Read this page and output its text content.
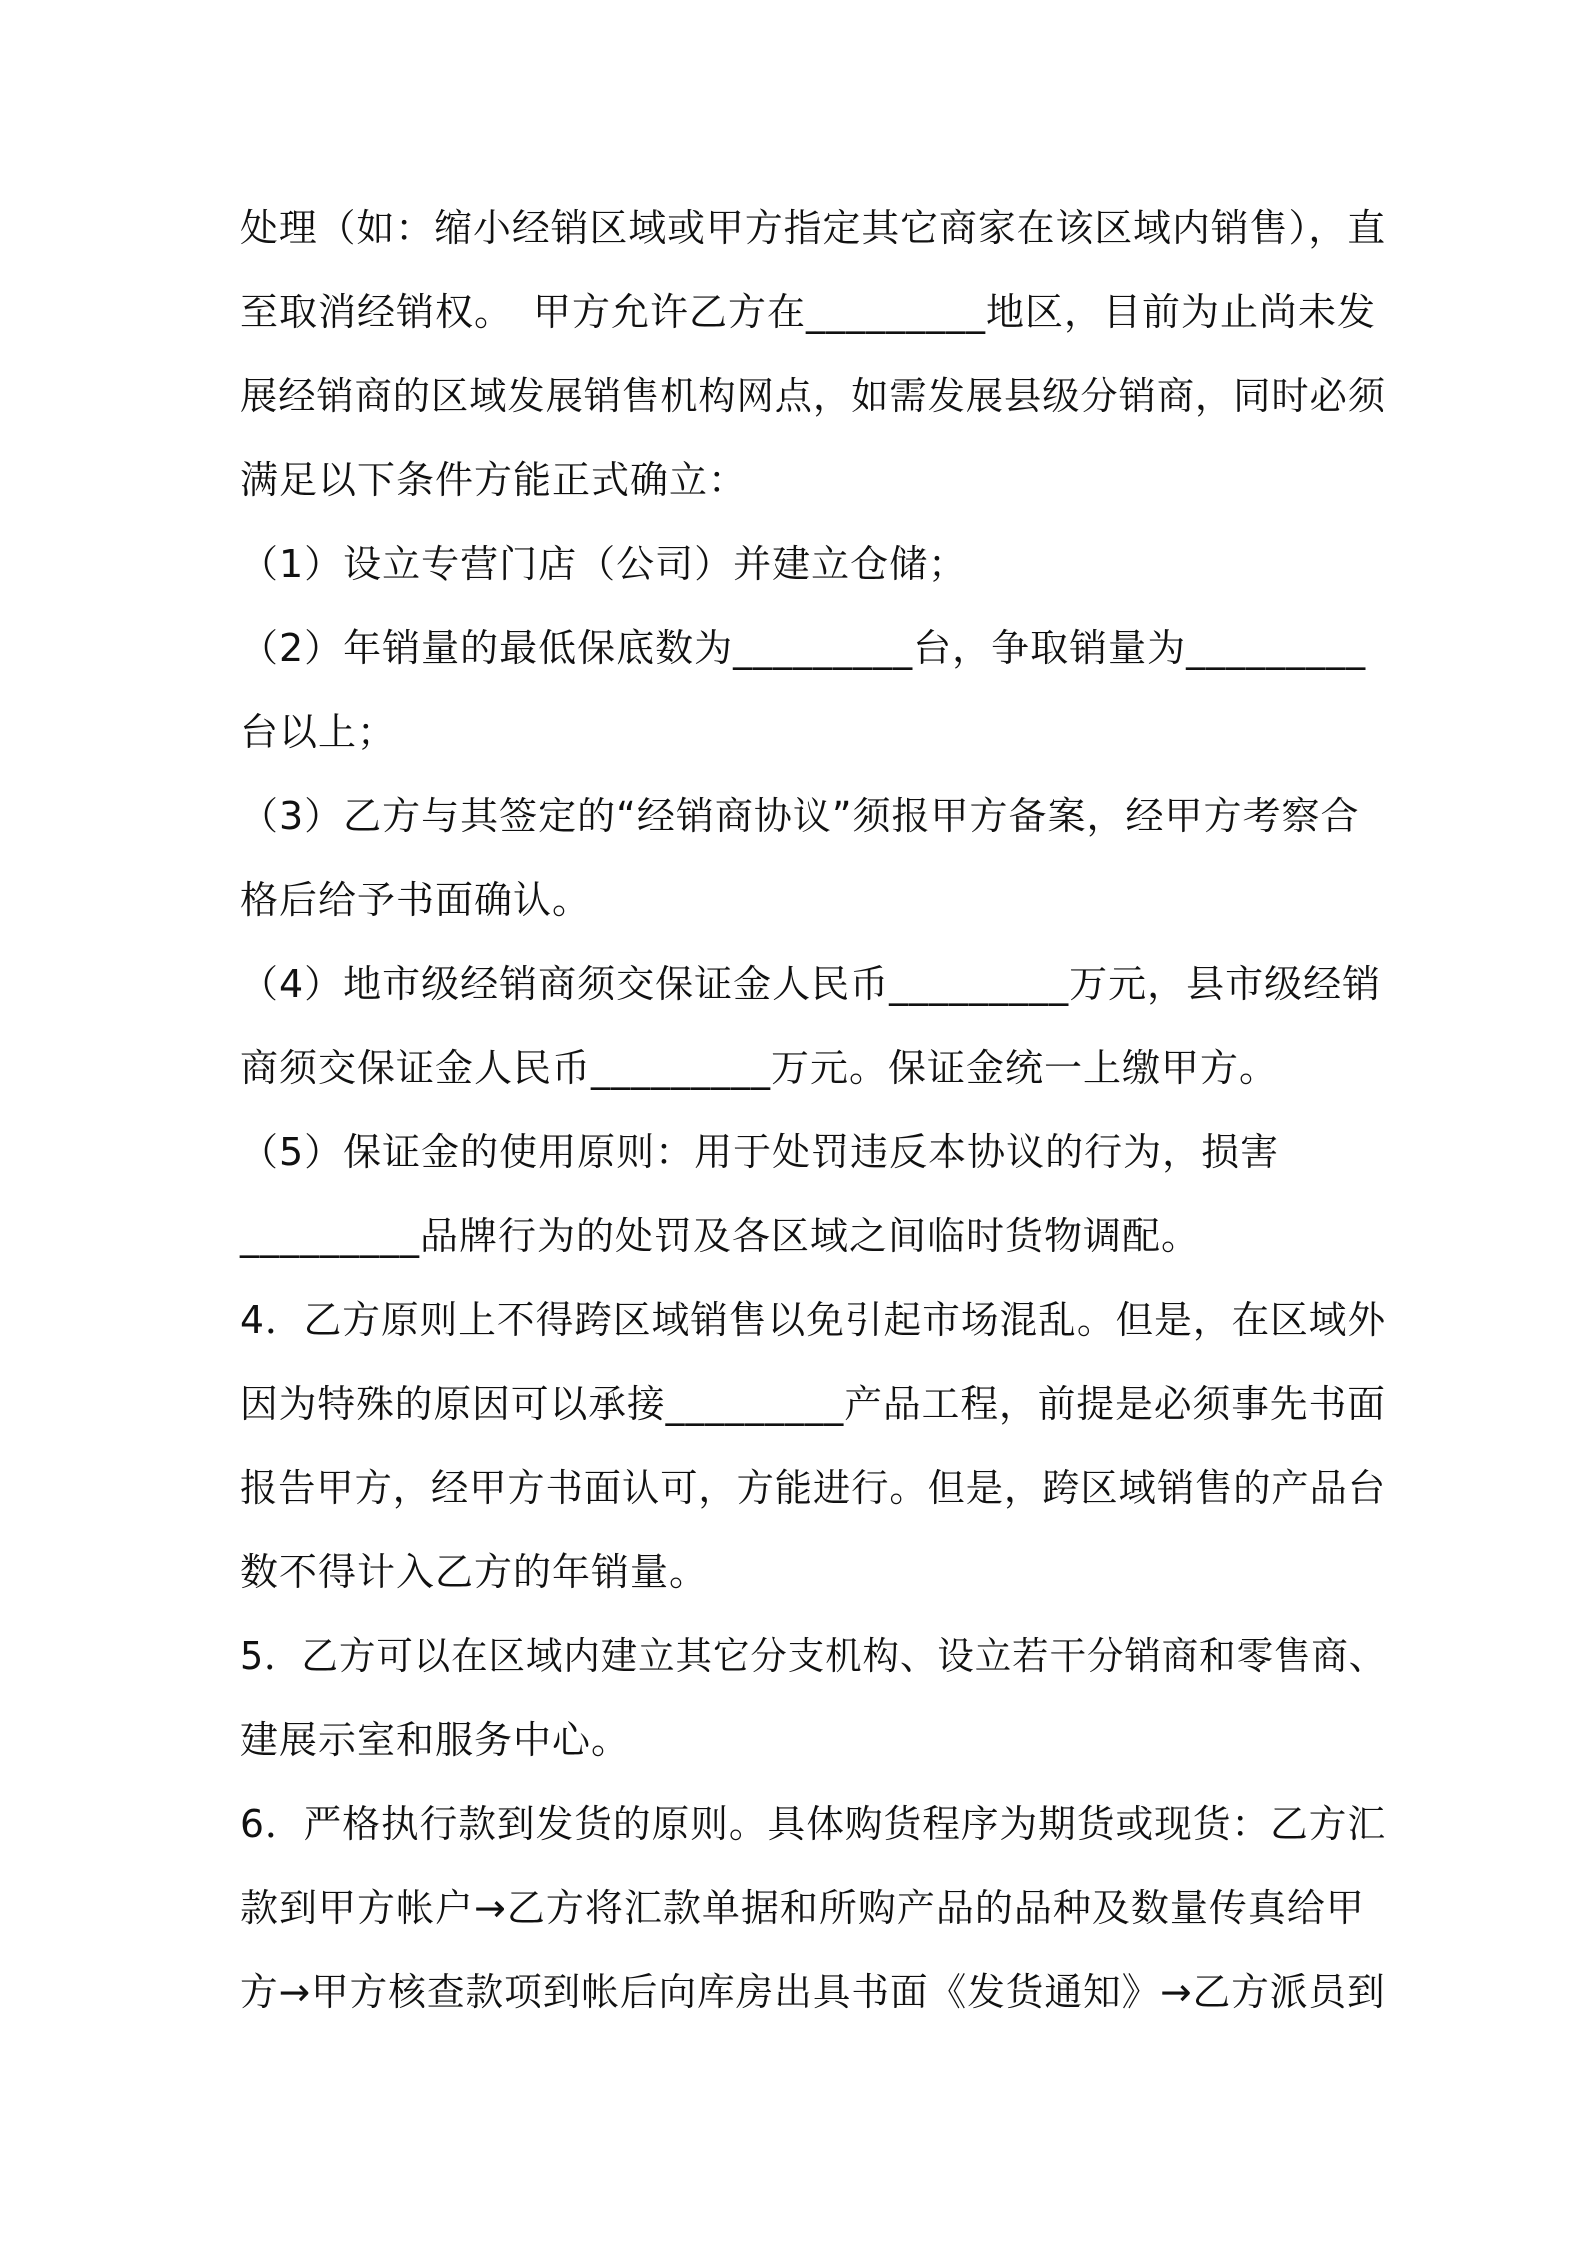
处理（如：缩小经销区域或甲方指定其它商家在该区域内销售），直
至取消经销权。　甲方允许乙方在_________地区，目前为止尚未发
展经销商的区域发展销售机构网点，如需发展县级分销商，同时必须
满足以下条件方能正式确立：
（1）设立专营门店（公司）并建立仓储；
（2）年销量的最低保底数为_________台，争取销量为_________
台以上；
（3）乙方与其签定的“经销商协议”须报甲方备案，经甲方考察合
格后给予书面确认。
（4）地市级经销商须交保证金人民币_________万元，县市级经销
商须交保证金人民币_________万元。保证金统一上缴甲方。
（5）保证金的使用原则：用于处罚违反本协议的行为，损害
_________品牌行为的处罚及各区域之间临时货物调配。
4．乙方原则上不得跨区域销售以免引起市场混乱。但是，在区域外
因为特殊的原因可以承接_________产品工程，前提是必须事先书面
报告甲方，经甲方书面认可，方能进行。但是，跨区域销售的产品台
数不得计入乙方的年销量。
5．乙方可以在区域内建立其它分支机构、设立若干分销商和零售商、
建展示室和服务中心。
6．严格执行款到发货的原则。具体购货程序为期货或现货：乙方汇
款到甲方帐户→乙方将汇款单据和所购产品的品种及数量传真给甲
方→甲方核查款项到帐后向库房出具书面《发货通知》→乙方派员到
